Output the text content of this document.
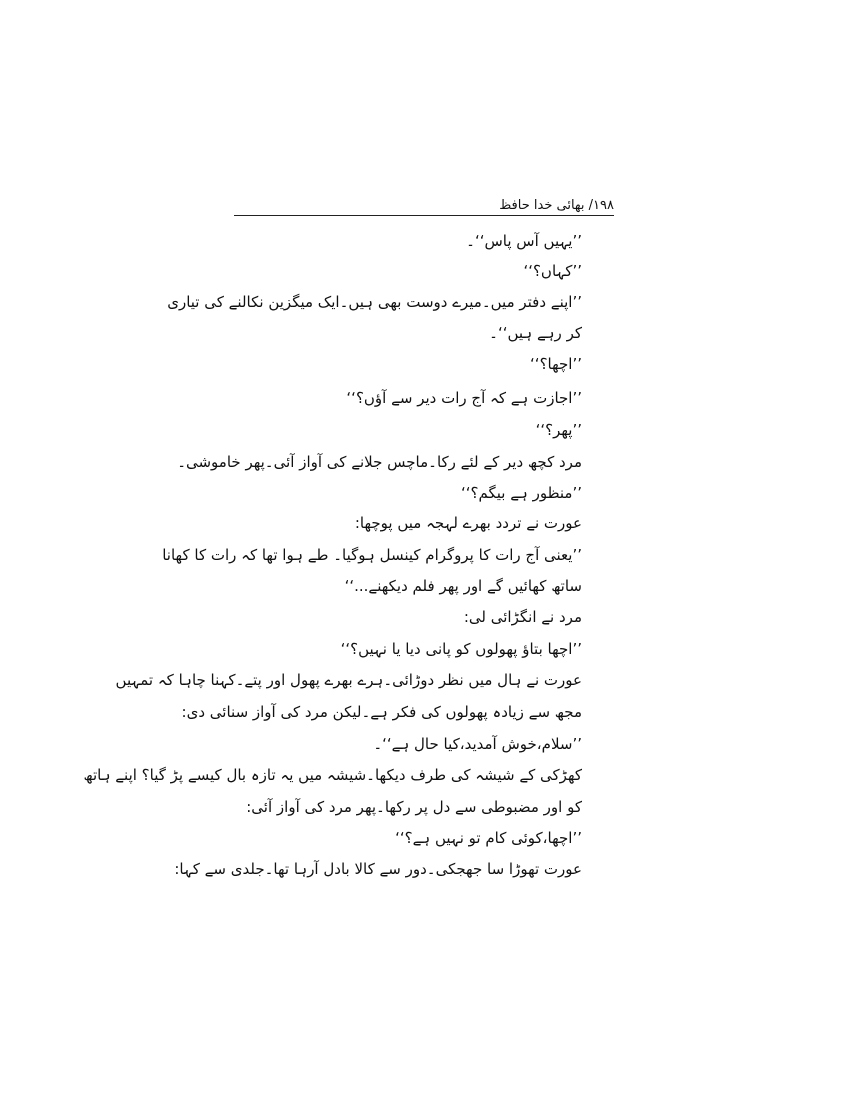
۱۹۸/ بھائی خدا حافظ
’’یہیں آس پاس‘‘۔
’’کہاں؟‘‘
’’اپنے دفتر میں۔میرے دوست بھی ہیں۔ایک میگزین نکالنے کی تیاری
کر رہے ہیں‘‘۔
’’اچھا؟‘‘
’’اجازت ہے کہ آج رات دیر سے آؤں؟‘‘
’’پھر؟‘‘
مرد کچھ دیر کے لئے رکا۔ماچس جلانے کی آواز آئی۔پھر خاموشی۔
’’منظور ہے بیگم؟‘‘
عورت نے تردد بھرے لہجہ میں پوچھا:
’’یعنی آج رات کا پروگرام کینسل ہوگیا۔ طے ہوا تھا کہ رات کا کھانا
ساتھ کھائیں گے اور پھر فلم دیکھنے...‘‘
مرد نے انگڑائی لی:
’’اچھا بتاؤ پھولوں کو پانی دیا یا نہیں؟‘‘
عورت نے ہال میں نظر دوڑائی۔ہرے بھرے پھول اور پتے۔کہنا چاہا کہ تمہیں
مجھ سے زیادہ پھولوں کی فکر ہے۔لیکن مرد کی آواز سنائی دی:
’’سلام،خوش آمدید،کیا حال ہے‘‘۔
کھڑکی کے شیشہ کی طرف دیکھا۔شیشہ میں یہ تازہ بال کیسے پڑ گیا؟ اپنے ہاتھ
کو اور مضبوطی سے دل پر رکھا۔پھر مرد کی آواز آئی:
’’اچھا،کوئی کام تو نہیں ہے؟‘‘
عورت تھوڑا سا جھجکی۔دور سے کالا بادل آرہا تھا۔جلدی سے کہا:
